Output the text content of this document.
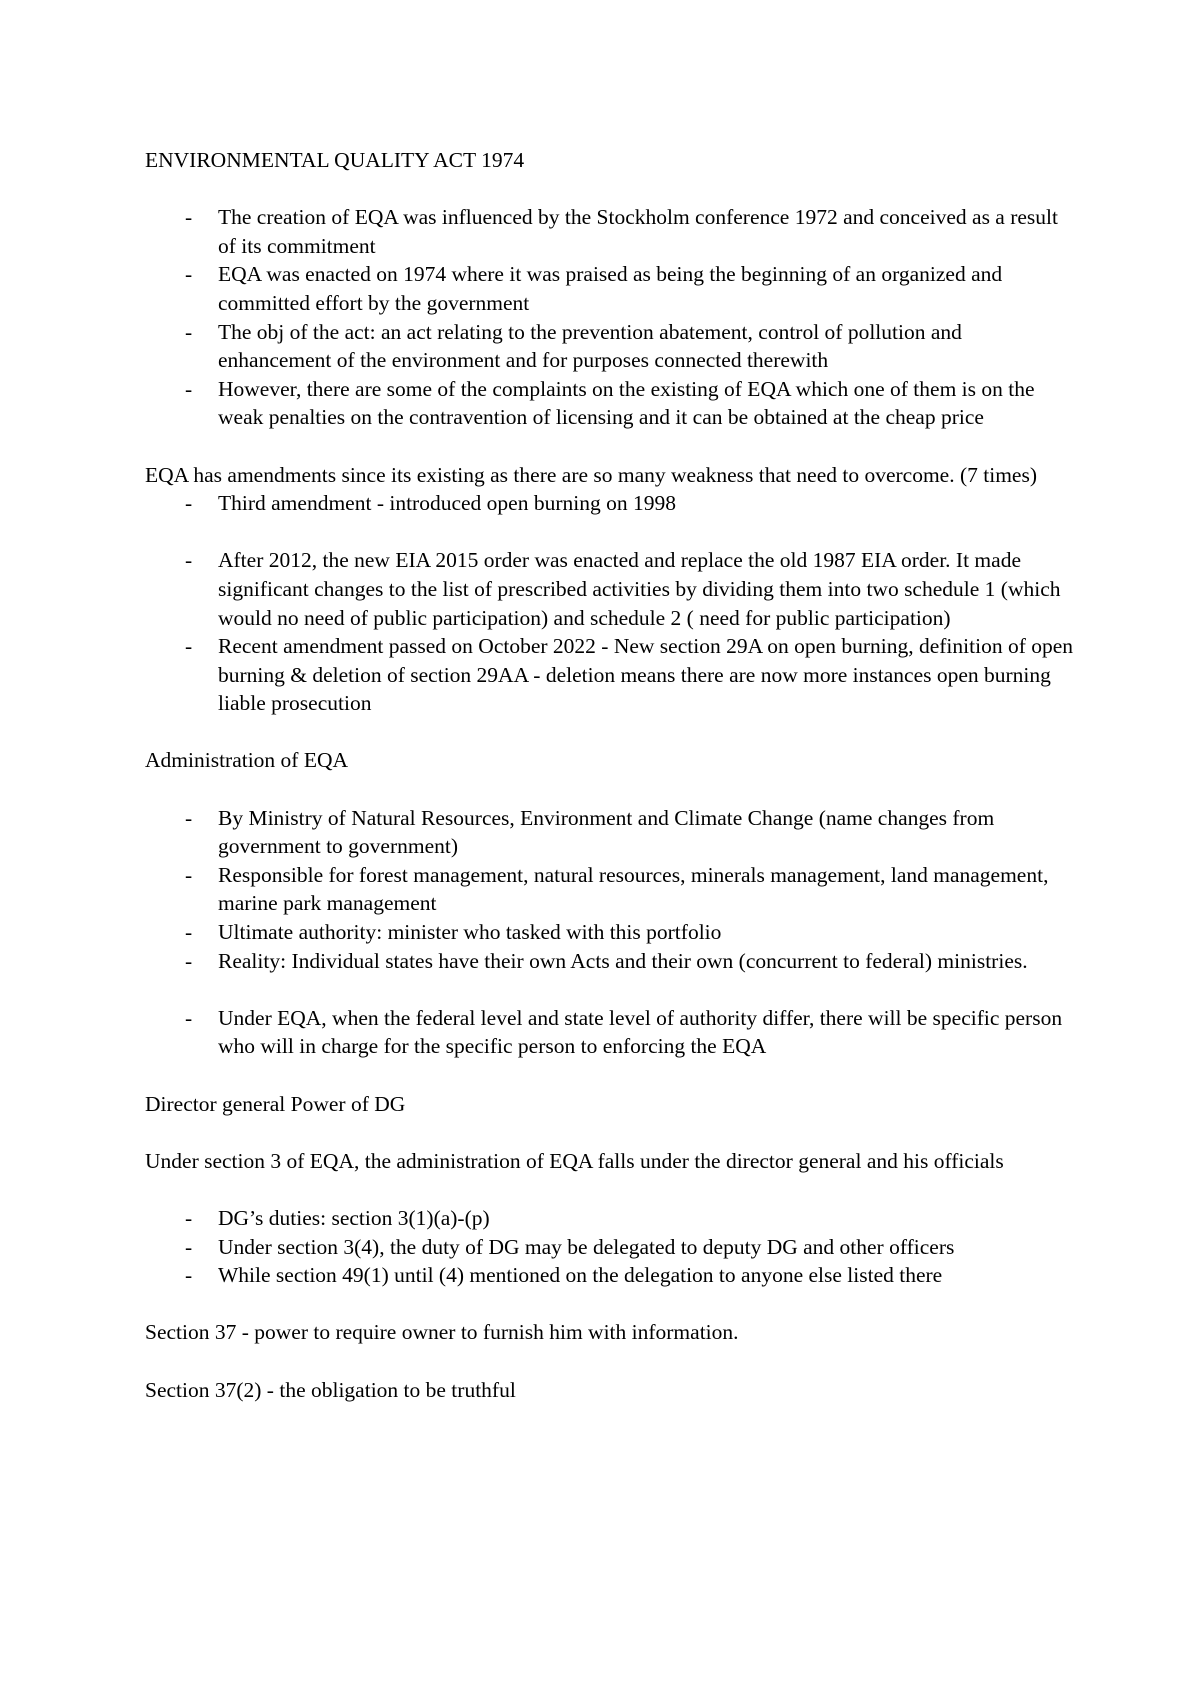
ENVIRONMENTAL QUALITY ACT 1974

- The creation of EQA was influenced by the Stockholm conference 1972 and conceived as a result of its commitment
- EQA was enacted on 1974 where it was praised as being the beginning of an organized and committed effort by the government
- The obj of the act: an act relating to the prevention abatement, control of pollution and enhancement of the environment and for purposes connected therewith
- However, there are some of the complaints on the existing of EQA which one of them is on the weak penalties on the contravention of licensing and it can be obtained at the cheap price

EQA has amendments since its existing as there are so many weakness that need to overcome. (7 times)

- Third amendment - introduced open burning on 1998
- After 2012, the new EIA 2015 order was enacted and replace the old 1987 EIA order. It made significant changes to the list of prescribed activities by dividing them into two schedule 1 (which would no need of public participation) and schedule 2 ( need for public participation)
- Recent amendment passed on October 2022 - New section 29A on open burning, definition of open burning & deletion of section 29AA - deletion means there are now more instances open burning liable prosecution

Administration of EQA

- By Ministry of Natural Resources, Environment and Climate Change (name changes from government to government)
- Responsible for forest management, natural resources, minerals management, land management, marine park management
- Ultimate authority: minister who tasked with this portfolio
- Reality: Individual states have their own Acts and their own (concurrent to federal) ministries.
- Under EQA, when the federal level and state level of authority differ, there will be specific person who will in charge for the specific person to enforcing the EQA

Director general Power of DG

Under section 3 of EQA, the administration of EQA falls under the director general and his officials

- DG’s duties: section 3(1)(a)-(p)
- Under section 3(4), the duty of DG may be delegated to deputy DG and other officers
- While section 49(1) until (4) mentioned on the delegation to anyone else listed there

Section 37 - power to require owner to furnish him with information.

Section 37(2) - the obligation to be truthful
